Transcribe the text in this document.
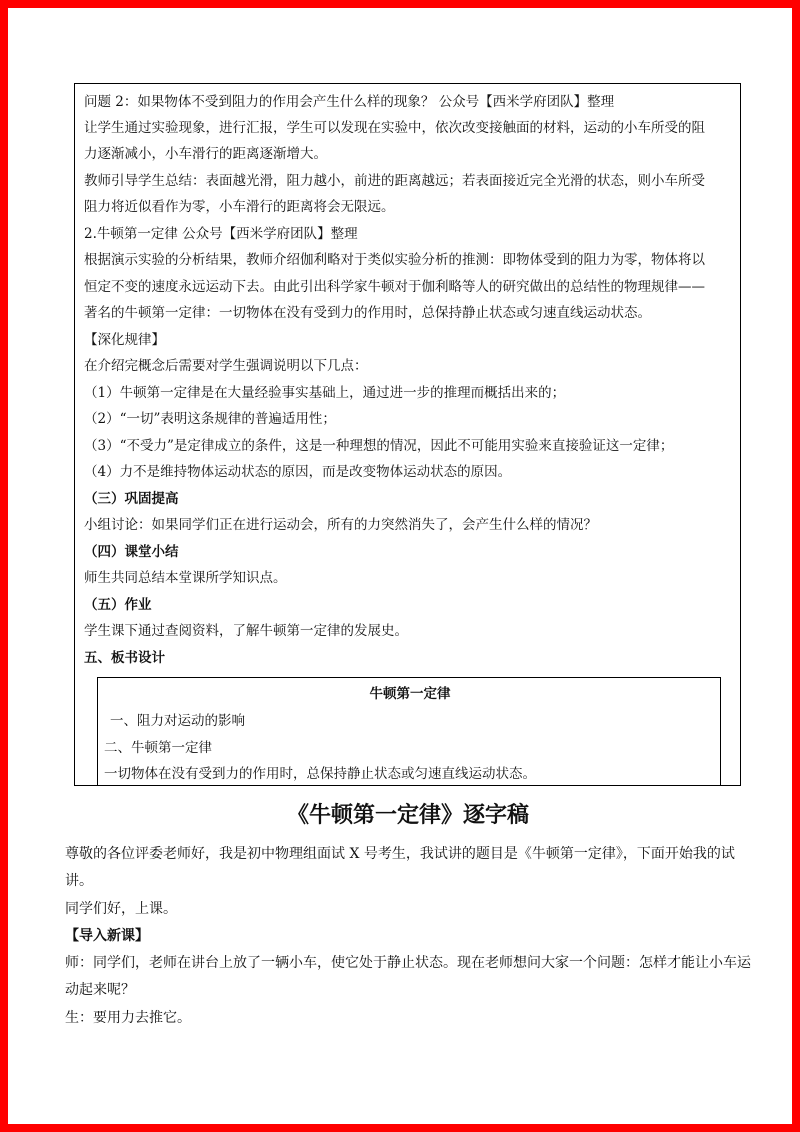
问题 2：如果物体不受到阻力的作用会产生什么样的现象？ 公众号【西米学府团队】整理
让学生通过实验现象，进行汇报，学生可以发现在实验中，依次改变接触面的材料，运动的小车所受的阻
力逐渐减小，小车滑行的距离逐渐增大。
教师引导学生总结：表面越光滑，阻力越小，前进的距离越远；若表面接近完全光滑的状态，则小车所受
阻力将近似看作为零，小车滑行的距离将会无限远。
2.牛顿第一定律 公众号【西米学府团队】整理
根据演示实验的分析结果，教师介绍伽利略对于类似实验分析的推测：即物体受到的阻力为零，物体将以
恒定不变的速度永远运动下去。由此引出科学家牛顿对于伽利略等人的研究做出的总结性的物理规律——
著名的牛顿第一定律：一切物体在没有受到力的作用时，总保持静止状态或匀速直线运动状态。
【深化规律】
在介绍完概念后需要对学生强调说明以下几点：
（1）牛顿第一定律是在大量经验事实基础上，通过进一步的推理而概括出来的；
（2）“一切”表明这条规律的普遍适用性；
（3）“不受力”是定律成立的条件，这是一种理想的情况，因此不可能用实验来直接验证这一定律；
（4）力不是维持物体运动状态的原因，而是改变物体运动状态的原因。
（三）巩固提高
小组讨论：如果同学们正在进行运动会，所有的力突然消失了，会产生什么样的情况？
（四）课堂小结
师生共同总结本堂课所学知识点。
（五）作业
学生课下通过查阅资料，了解牛顿第一定律的发展史。
五、板书设计
牛顿第一定律
一、阻力对运动的影响
二、牛顿第一定律
一切物体在没有受到力的作用时，总保持静止状态或匀速直线运动状态。
《牛顿第一定律》逐字稿
尊敬的各位评委老师好，我是初中物理组面试 X 号考生，我试讲的题目是《牛顿第一定律》，下面开始我的试
讲。
同学们好，上课。
【导入新课】
师：同学们，老师在讲台上放了一辆小车，使它处于静止状态。现在老师想问大家一个问题：怎样才能让小车运
动起来呢？
生：要用力去推它。
